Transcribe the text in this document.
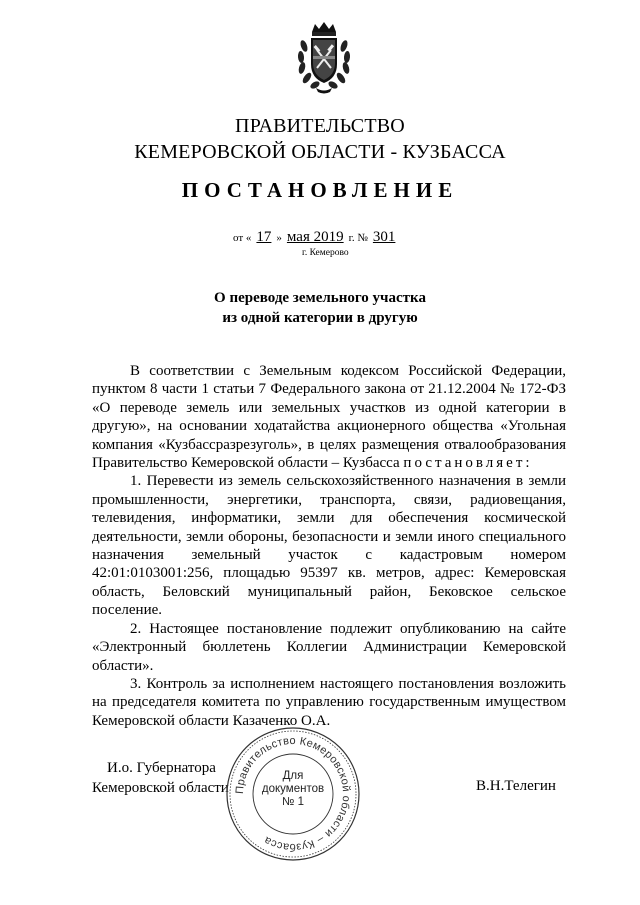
ПРАВИТЕЛЬСТВО
КЕМЕРОВСКОЙ ОБЛАСТИ - КУЗБАССА
ПОСТАНОВЛЕНИЕ
от « 17 » мая 2019 г. № 301
г. Кемерово
О переводе земельного участка
из одной категории в другую

В соответствии с Земельным кодексом Российской Федерации, пунктом 8 части 1 статьи 7 Федерального закона от 21.12.2004 № 172-ФЗ «О переводе земель или земельных участков из одной категории в другую», на основании ходатайства акционерного общества «Угольная компания «Кузбассразрезуголь», в целях размещения отвалообразования Правительство Кемеровской области – Кузбасса постановляет:

1. Перевести из земель сельскохозяйственного назначения в земли промышленности, энергетики, транспорта, связи, радиовещания, телевидения, информатики, земли для обеспечения космической деятельности, земли обороны, безопасности и земли иного специального назначения земельный участок с кадастровым номером 42:01:0103001:256, площадью 95397 кв. метров, адрес: Кемеровская область, Беловский муниципальный район, Бековское сельское поселение.

2. Настоящее постановление подлежит опубликованию на сайте «Электронный бюллетень Коллегии Администрации Кемеровской области».

3. Контроль за исполнением настоящего постановления возложить на председателя комитета по управлению государственным имуществом Кемеровской области Казаченко О.А.

И.о. Губернатора
Кемеровской области	В.Н.Телегин
Правительство Кемеровской области – Кузбасса
Для
документов
№ 1
